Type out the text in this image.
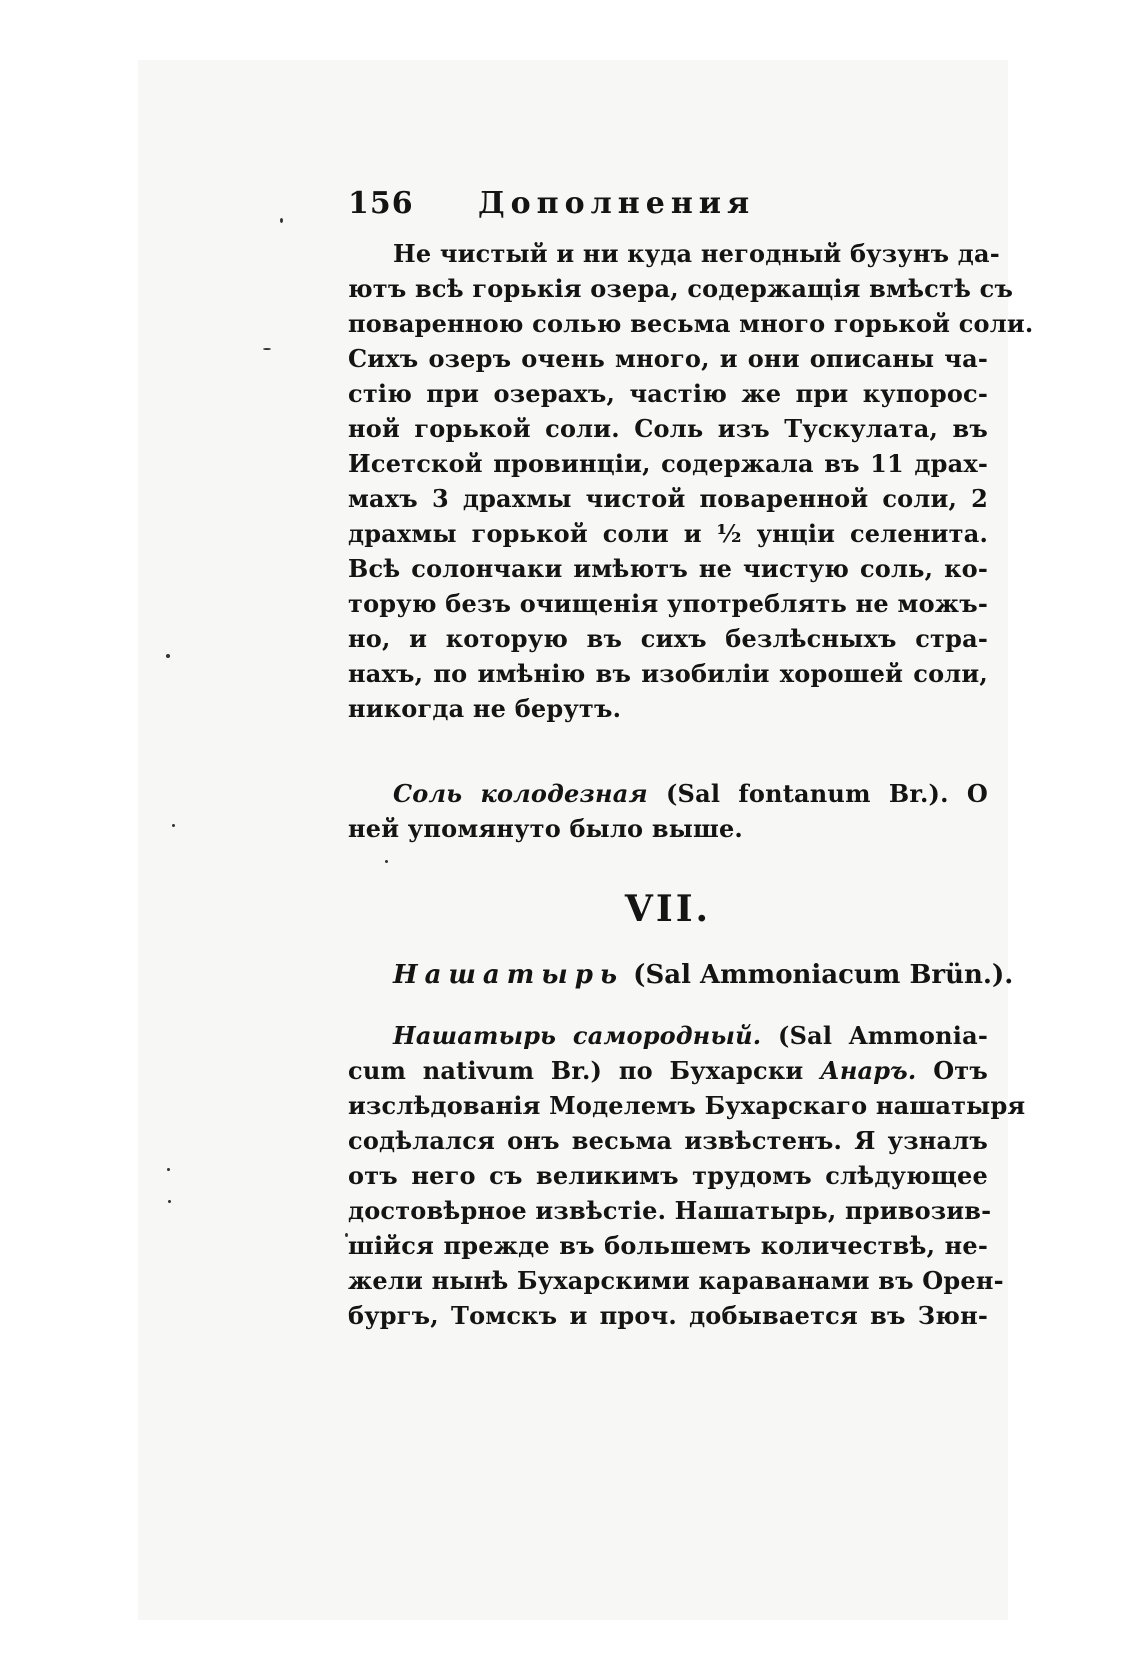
156 Дополнения

Не чистый и ни куда негодный бузунъ да-
ютъ всѣ горькія озера, содержащія вмѣстѣ съ
поваренною солью весьма много горькой соли.
Сихъ озеръ очень много, и они описаны ча-
стію при озерахъ, частію же при купорос-
ной горькой соли. Соль изъ Тускулата, въ
Исетской провинціи, содержала въ 11 драх-
махъ 3 драхмы чистой поваренной соли, 2
драхмы горькой соли и ½ унціи селенита.
Всѣ солончаки имѣютъ не чистую соль, ко-
торую безъ очищенія употреблять не можъ-
но, и которую въ сихъ безлѣсныхъ стра-
нахъ, по имѣнію въ изобиліи хорошей соли,
никогда не берутъ.

Соль колодезная (Sal fontanum Br.). О
ней упомянуто было выше.

VII.
Нашатырь (Sal Ammoniacum Brün.).

Нашатырь самородный. (Sal Ammonia-
cum nativum Br.) по Бухарски Анаръ. Отъ
изслѣдованія Моделемъ Бухарскаго нашатыря
содѣлался онъ весьма извѣстенъ. Я узналъ
отъ него съ великимъ трудомъ слѣдующее
достовѣрное извѣстіе. Нашатырь, привозив-
шійся прежде въ большемъ количествѣ, не-
жели нынѣ Бухарскими караванами въ Орен-
бургъ, Томскъ и проч. добывается въ Зюн-
